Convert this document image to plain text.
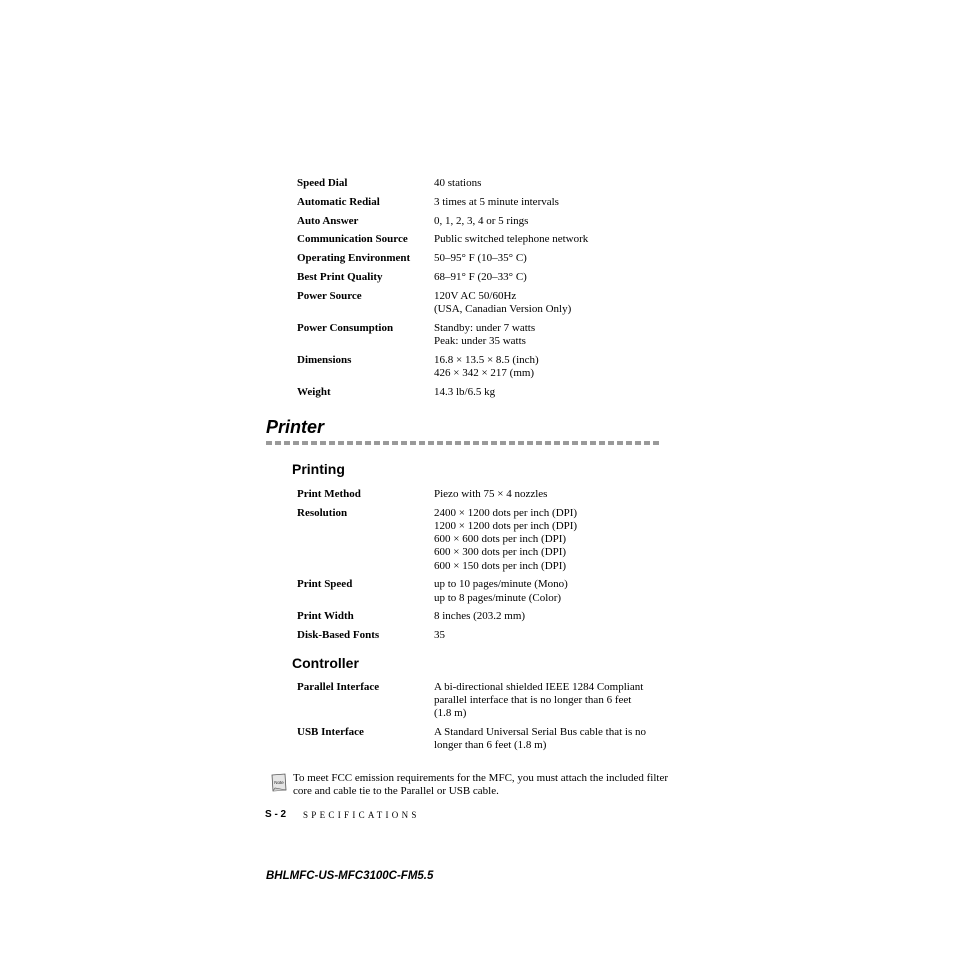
Speed Dial	40 stations

Automatic Redial	3 times at 5 minute intervals

Auto Answer	0, 1, 2, 3, 4 or 5 rings

Communication Source	Public switched telephone network

Operating Environment	50–95° F (10–35° C)

Best Print Quality	68–91° F (20–33° C)

Power Source	120V AC 50/60Hz
(USA, Canadian Version Only)

Power Consumption	Standby: under 7 watts
Peak: under 35 watts

Dimensions	16.8 × 13.5 × 8.5 (inch)
426 × 342 × 217 (mm)

Weight	14.3 lb/6.5 kg
Printer
Printing
Print Method	Piezo with 75 × 4 nozzles

Resolution	2400 × 1200 dots per inch (DPI)
1200 × 1200 dots per inch (DPI)
600 × 600 dots per inch (DPI)
600 × 300 dots per inch (DPI)
600 × 150 dots per inch (DPI)

Print Speed	up to 10 pages/minute (Mono)
up to 8 pages/minute (Color)

Print Width	8 inches (203.2 mm)

Disk-Based Fonts	35
Controller
Parallel Interface	A bi-directional shielded IEEE 1284 Compliant
parallel interface that is no longer than 6 feet
(1.8 m)

USB Interface	A Standard Universal Serial Bus cable that is no
longer than 6 feet (1.8 m)
Note To meet FCC emission requirements for the MFC, you must attach the included filter core and cable tie to the Parallel or USB cable.
S - 2 SPECIFICATIONS
BHLMFC-US-MFC3100C-FM5.5
